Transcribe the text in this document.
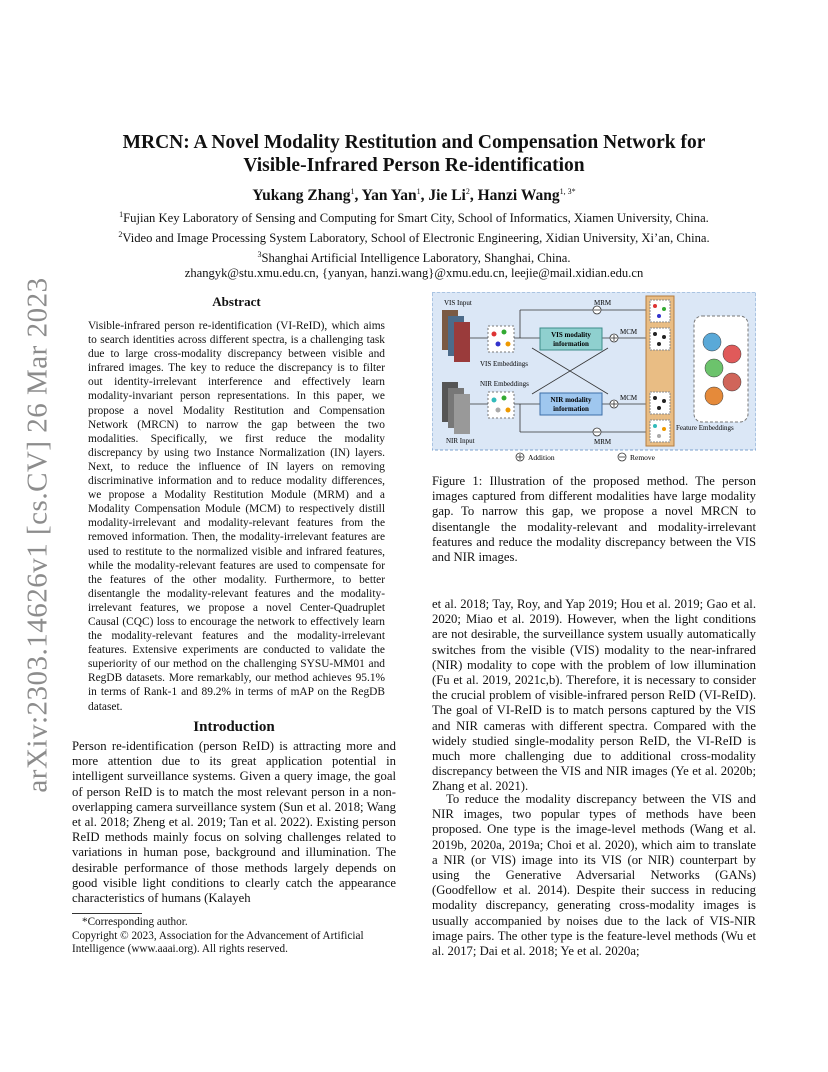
arXiv:2303.14626v1 [cs.CV] 26 Mar 2023
MRCN: A Novel Modality Restitution and Compensation Network for
Visible-Infrared Person Re-identification
Yukang Zhang$^1$, Yan Yan$^1$, Jie Li$^2$, Hanzi Wang$^{1, 3*}$
$^1$Fujian Key Laboratory of Sensing and Computing for Smart City, School of Informatics, Xiamen University, China.
$^2$Video and Image Processing System Laboratory, School of Electronic Engineering, Xidian University, Xi’an, China.
$^3$Shanghai Artificial Intelligence Laboratory, Shanghai, China.
zhangyk@stu.xmu.edu.cn, {yanyan, hanzi.wang}@xmu.edu.cn, leejie@mail.xidian.edu.cn
Abstract

Visible-infrared person re-identification (VI-ReID), which aims to search identities across different spectra, is a challenging task due to large cross-modality discrepancy between visible and infrared images. The key to reduce the discrepancy is to filter out identity-irrelevant interference and effectively learn modality-invariant person representations. In this paper, we propose a novel Modality Restitution and Compensation Network (MRCN) to narrow the gap between the two modalities. Specifically, we first reduce the modality discrepancy by using two Instance Normalization (IN) layers. Next, to reduce the influence of IN layers on removing discriminative information and to reduce modality differences, we propose a Modality Restitution Module (MRM) and a Modality Compensation Module (MCM) to respectively distill modality-irrelevant and modality-relevant features from the removed information. Then, the modality-irrelevant features are used to restitute to the normalized visible and infrared features, while the modality-relevant features are used to compensate for the features of the other modality. Furthermore, to better disentangle the modality-relevant features and the modality-irrelevant features, we propose a novel Center-Quadruplet Causal (CQC) loss to encourage the network to effectively learn the modality-relevant features and the modality-irrelevant features. Extensive experiments are conducted to validate the superiority of our method on the challenging SYSU-MM01 and RegDB datasets. More remarkably, our method achieves 95.1% in terms of Rank-1 and 89.2% in terms of mAP on the RegDB dataset.

Introduction

Person re-identification (person ReID) is attracting more and more attention due to its great application potential in intelligent surveillance systems. Given a query image, the goal of person ReID is to match the most relevant person in a non-overlapping camera surveillance system (Sun et al. 2018; Wang et al. 2018; Zheng et al. 2019; Tan et al. 2022). Existing person ReID methods mainly focus on solving challenges related to variations in human pose, background and illumination. The desirable performance of those methods largely depends on good visible light conditions to clearly catch the appearance characteristics of humans (Kalayeh

*Corresponding author.
Copyright © 2023, Association for the Advancement of Artificial Intelligence (www.aaai.org). All rights reserved.
VIS Input
NIR Input
VIS Embeddings
NIR Embeddings
MRM
MRM
VIS modality
information
NIR modality
information
MCM
MCM
Feature Embeddings
Addition	Remove

Figure 1: Illustration of the proposed method. The person images captured from different modalities have large modality gap. To narrow this gap, we propose a novel MRCN to disentangle the modality-relevant and modality-irrelevant features and reduce the modality discrepancy between the VIS and NIR images.

et al. 2018; Tay, Roy, and Yap 2019; Hou et al. 2019; Gao et al. 2020; Miao et al. 2019). However, when the light conditions are not desirable, the surveillance system usually automatically switches from the visible (VIS) modality to the near-infrared (NIR) modality to cope with the problem of low illumination (Fu et al. 2019, 2021c,b). Therefore, it is necessary to consider the crucial problem of visible-infrared person ReID (VI-ReID). The goal of VI-ReID is to match persons captured by the VIS and NIR cameras with different spectra. Compared with the widely studied single-modality person ReID, the VI-ReID is much more challenging due to additional cross-modality discrepancy between the VIS and NIR images (Ye et al. 2020b; Zhang et al. 2021).

To reduce the modality discrepancy between the VIS and NIR images, two popular types of methods have been proposed. One type is the image-level methods (Wang et al. 2019b, 2020a, 2019a; Choi et al. 2020), which aim to translate a NIR (or VIS) image into its VIS (or NIR) counterpart by using the Generative Adversarial Networks (GANs) (Goodfellow et al. 2014). Despite their success in reducing modality discrepancy, generating cross-modality images is usually accompanied by noises due to the lack of VIS-NIR image pairs. The other type is the feature-level methods (Wu et al. 2017; Dai et al. 2018; Ye et al. 2020a;
